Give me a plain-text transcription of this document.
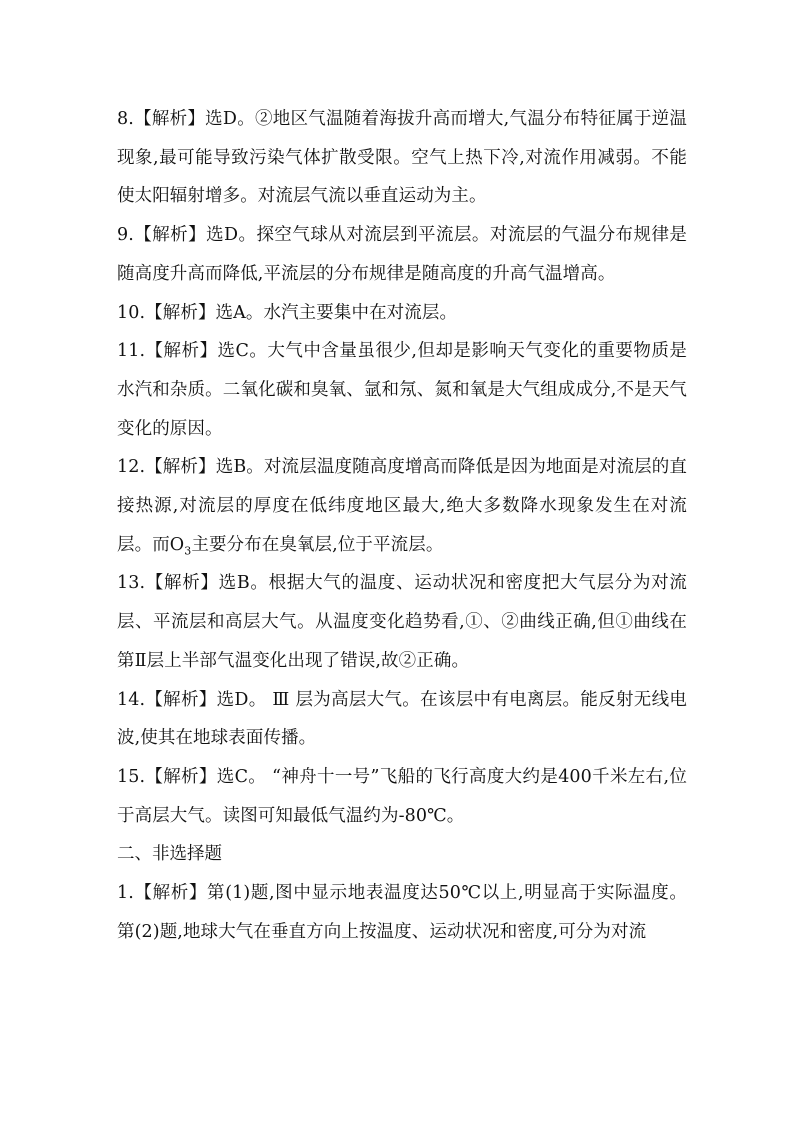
8.【解析】选D。②地区气温随着海拔升高而增大,气温分布特征属于逆温现象,最可能导致污染气体扩散受限。空气上热下冷,对流作用减弱。不能使太阳辐射增多。对流层气流以垂直运动为主。

9.【解析】选D。探空气球从对流层到平流层。对流层的气温分布规律是随高度升高而降低,平流层的分布规律是随高度的升高气温增高。

10.【解析】选A。水汽主要集中在对流层。

11.【解析】选C。大气中含量虽很少,但却是影响天气变化的重要物质是水汽和杂质。二氧化碳和臭氧、氩和氖、氮和氧是大气组成成分,不是天气变化的原因。

12.【解析】选B。对流层温度随高度增高而降低是因为地面是对流层的直接热源,对流层的厚度在低纬度地区最大,绝大多数降水现象发生在对流层。而$O_3$主要分布在臭氧层,位于平流层。

13.【解析】选B。根据大气的温度、运动状况和密度把大气层分为对流层、平流层和高层大气。从温度变化趋势看,①、②曲线正确,但①曲线在第Ⅱ层上半部气温变化出现了错误,故②正确。

14.【解析】选D。 Ⅲ 层为高层大气。在该层中有电离层。能反射无线电波,使其在地球表面传播。

15.【解析】选C。 “神舟十一号”飞船的飞行高度大约是400千米左右,位于高层大气。读图可知最低气温约为-80℃。

二、非选择题

1.【解析】第(1)题,图中显示地表温度达50℃以上,明显高于实际温度。第(2)题,地球大气在垂直方向上按温度、运动状况和密度,可分为对流
